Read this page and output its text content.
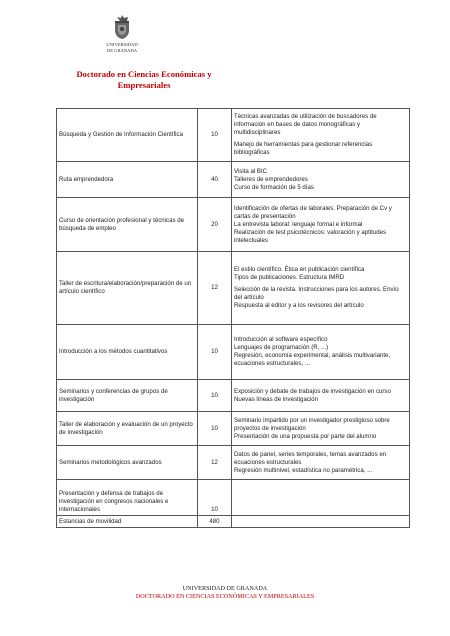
UNIVERSIDAD
DE GRANADA
Doctorado en Ciencias Económicas y
Empresariales
Búsqueda y Gestión de Información Científica	10	Técnicas avanzadas de utilización de buscadores de información en bases de datos monográficas y multidisciplinares
Manejo de herramientas para gestionar referencias bibliográficas

Ruta emprendedora	40	Visita al BIC
Talleres de emprendedores
Curso de formación de 5 días

Curso de orientación profesional y técnicas de búsqueda de empleo	20	Identificación de ofertas de laborales. Preparación de Cv y cartas de presentación
La entrevista laboral: lenguaje formal e informal
Realización de test psicotécnicos: valoración y aptitudes intelectuales

Taller de escritura/elaboración/preparación de un artículo científico	12	El estilo científico. Ética en publicación científica
Tipos de publicaciones. Estructura IMRD
Selección de la revista. Instrucciones para los autores. Envío del artículo
Respuesta al editor y a los revisores del artículo

Introducción a los métodos cuantitativos	10	Introducción al software específico
Lenguajes de programación (R, ...)
Regresión, economía experimental, análisis multivariante, ecuaciones estructurales, ...

Seminarios y conferencias de grupos de investigación	10	Exposición y debate de trabajos de investigación en curso
Nuevas líneas de investigación

Taller de elaboración y evaluación de un proyecto de investigación	10	Seminario impartido por un investigador prestigioso sobre proyectos de investigación
Presentación de una propuesta por parte del alumno

Seminarios metodológicos avanzados	12	Datos de panel, series temporales, temas avanzados en ecuaciones estructurales
Regresión multinivel, estadística no paramétrica, ...

Presentación y defensa de trabajos de investigación en congresos nacionales e internacionales	10	
Estancias de movilidad	480	
UNIVERSIDAD DE GRANADA
DOCTORADO EN CIENCIAS ECONÓMICAS Y EMPRESARIALES
